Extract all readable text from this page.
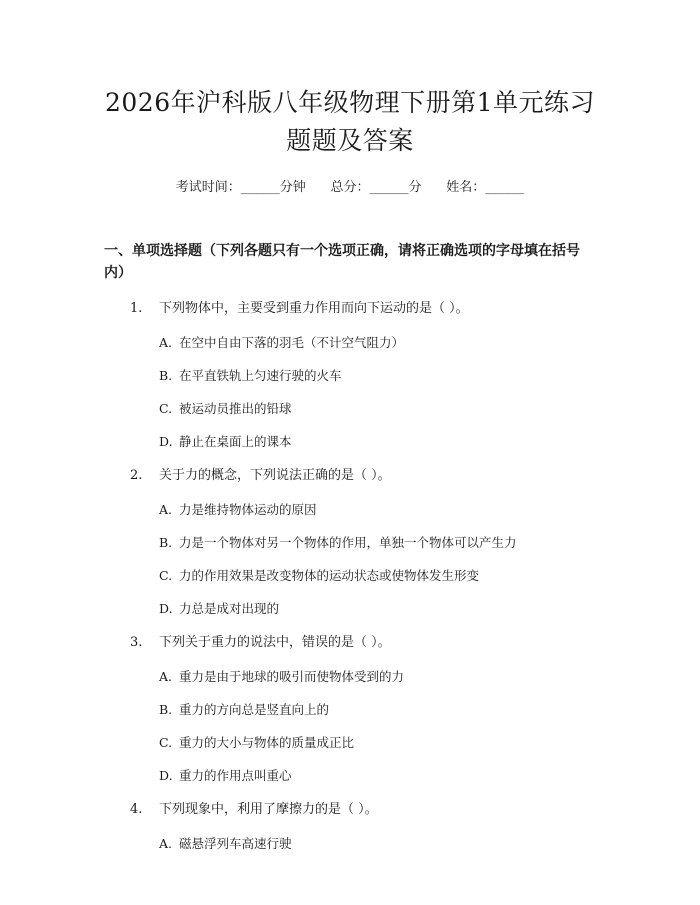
2026年沪科版八年级物理下册第1单元练习
题题及答案
考试时间：______分钟      总分：______分      姓名：______
一、单项选择题（下列各题只有一个选项正确，请将正确选项的字母填在括号
内）
1. 下列物体中，主要受到重力作用而向下运动的是（ ）。
A. 在空中自由下落的羽毛（不计空气阻力）
B. 在平直铁轨上匀速行驶的火车
C. 被运动员推出的铅球
D. 静止在桌面上的课本
2. 关于力的概念，下列说法正确的是（ ）。
A. 力是维持物体运动的原因
B. 力是一个物体对另一个物体的作用，单独一个物体可以产生力
C. 力的作用效果是改变物体的运动状态或使物体发生形变
D. 力总是成对出现的
3. 下列关于重力的说法中，错误的是（ ）。
A. 重力是由于地球的吸引而使物体受到的力
B. 重力的方向总是竖直向上的
C. 重力的大小与物体的质量成正比
D. 重力的作用点叫重心
4. 下列现象中，利用了摩擦力的是（ ）。
A. 磁悬浮列车高速行驶
